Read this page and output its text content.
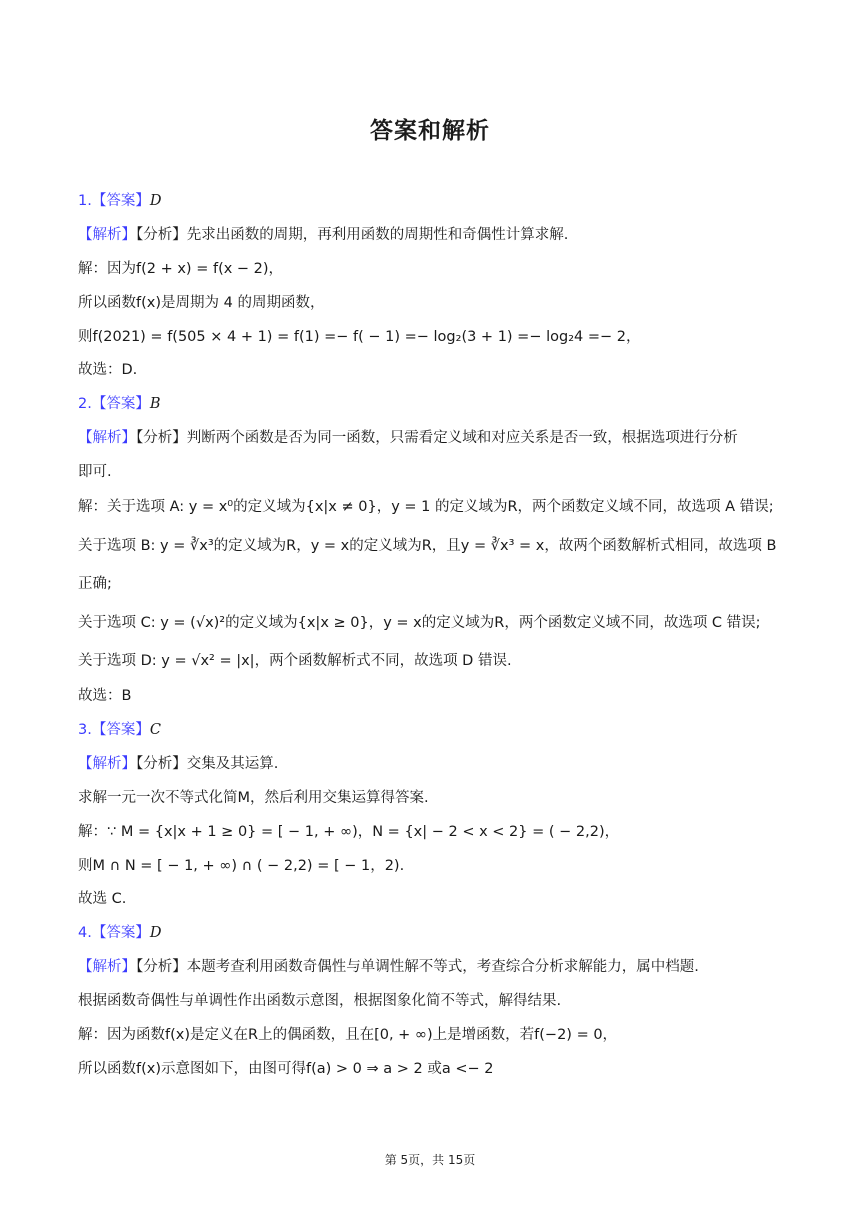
答案和解析
1.【答案】D
【解析】【分析】先求出函数的周期，再利用函数的周期性和奇偶性计算求解.
解：因为f(2 + x) = f(x − 2)，
所以函数f(x)是周期为 4 的周期函数，
则f(2021) = f(505 × 4 + 1) = f(1) =− f( − 1) =− log₂(3 + 1) =− log₂4 =− 2，
故选：D.
2.【答案】B
【解析】【分析】判断两个函数是否为同一函数，只需看定义域和对应关系是否一致，根据选项进行分析
即可.
解：关于选项 A: y = x⁰的定义域为{x|x ≠ 0}，y = 1 的定义域为R，两个函数定义域不同，故选项 A 错误;
关于选项 B: y = ∛x³的定义域为R，y = x的定义域为R，且y = ∛x³ = x，故两个函数解析式相同，故选项 B
正确;
关于选项 C: y = (√x)²的定义域为{x|x ≥ 0}，y = x的定义域为R，两个函数定义域不同，故选项 C 错误;
关于选项 D: y = √x² = |x|，两个函数解析式不同，故选项 D 错误.
故选：B
3.【答案】C
【解析】【分析】交集及其运算.
求解一元一次不等式化简M，然后利用交集运算得答案.
解：∵ M = {x|x + 1 ≥ 0} = [ − 1, + ∞)，N = {x| − 2 < x < 2} = ( − 2,2)，
则M ∩ N = [ − 1, + ∞) ∩ ( − 2,2) = [ − 1，2).
故选 C.
4.【答案】D
【解析】【分析】本题考查利用函数奇偶性与单调性解不等式，考查综合分析求解能力，属中档题.
根据函数奇偶性与单调性作出函数示意图，根据图象化简不等式，解得结果.
解：因为函数f(x)是定义在R上的偶函数，且在[0, + ∞)上是增函数，若f(−2) = 0，
所以函数f(x)示意图如下，由图可得f(a) > 0 ⇒ a > 2 或a <− 2
第 5页，共 15页
